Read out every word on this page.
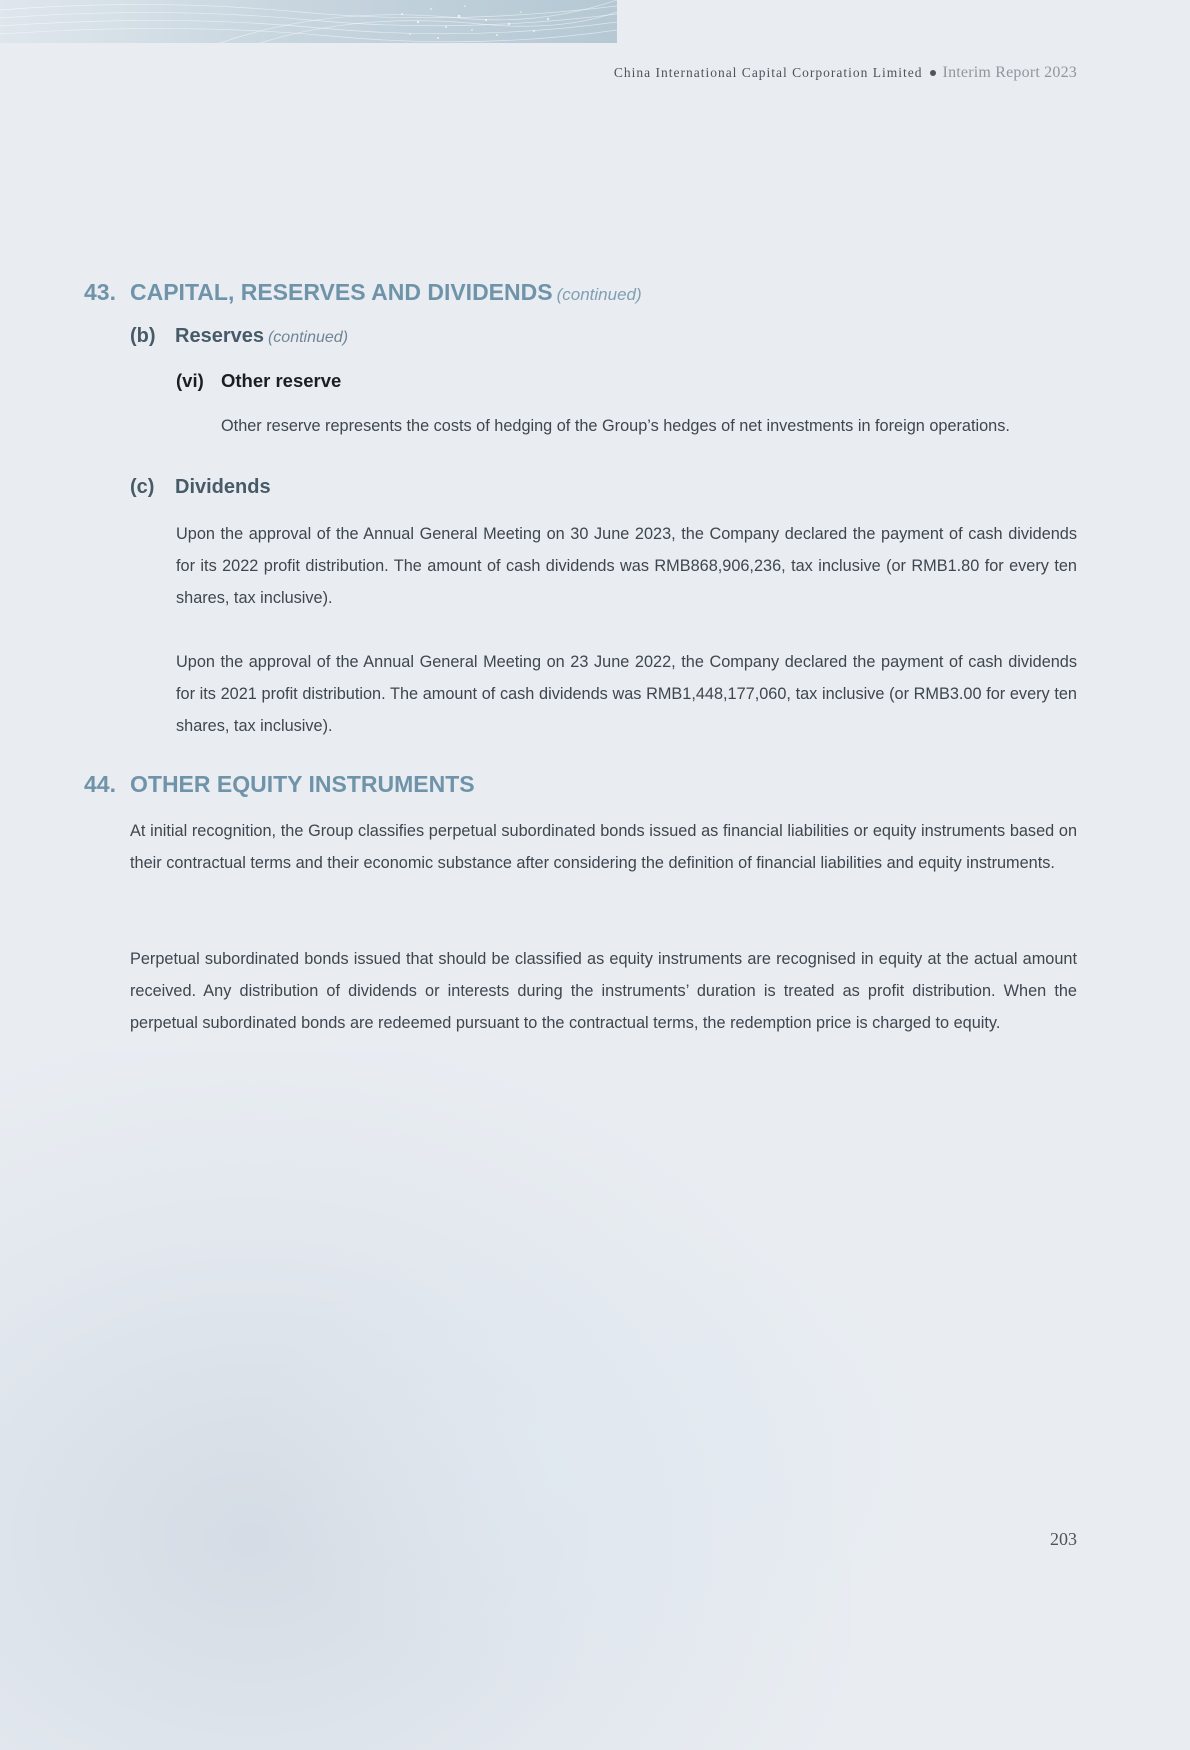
China International Capital Corporation Limited Interim Report 2023
43. CAPITAL, RESERVES AND DIVIDENDS (continued)
(b) Reserves (continued)
(vi) Other reserve

Other reserve represents the costs of hedging of the Group’s hedges of net investments in foreign operations.

(c) Dividends

Upon the approval of the Annual General Meeting on 30 June 2023, the Company declared the payment of cash dividends for its 2022 profit distribution. The amount of cash dividends was RMB868,906,236, tax inclusive (or RMB1.80 for every ten shares, tax inclusive).

Upon the approval of the Annual General Meeting on 23 June 2022, the Company declared the payment of cash dividends for its 2021 profit distribution. The amount of cash dividends was RMB1,448,177,060, tax inclusive (or RMB3.00 for every ten shares, tax inclusive).

44. OTHER EQUITY INSTRUMENTS

At initial recognition, the Group classifies perpetual subordinated bonds issued as financial liabilities or equity instruments based on their contractual terms and their economic substance after considering the definition of financial liabilities and equity instruments.

Perpetual subordinated bonds issued that should be classified as equity instruments are recognised in equity at the actual amount received. Any distribution of dividends or interests during the instruments’ duration is treated as profit distribution. When the perpetual subordinated bonds are redeemed pursuant to the contractual terms, the redemption price is charged to equity.

203
